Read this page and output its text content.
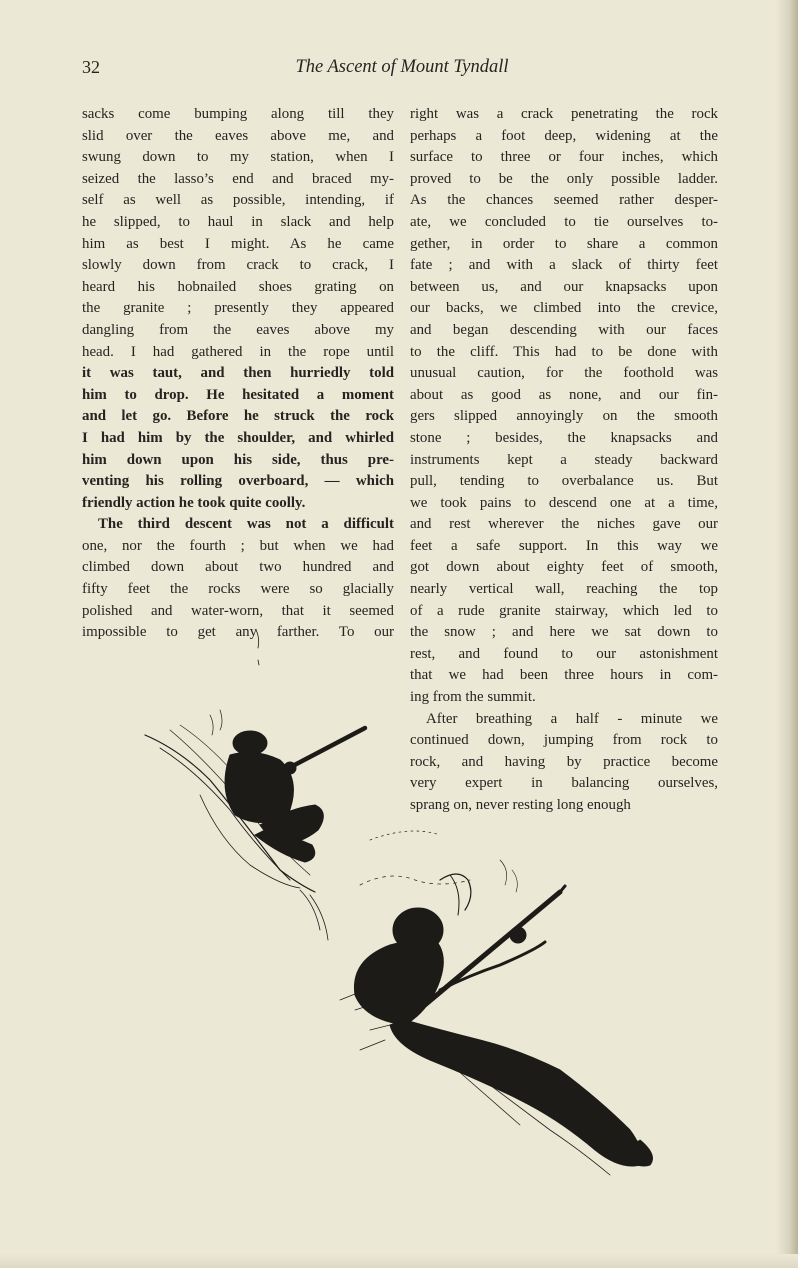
32	The Ascent of Mount Tyndall
sacks come bumping along till they
slid over the eaves above me, and
swung down to my station, when I
seized the lasso’s end and braced my-
self as well as possible, intending, if
he slipped, to haul in slack and help
him as best I might. As he came
slowly down from crack to crack, I
heard his hobnailed shoes grating on
the granite ; presently they appeared
dangling from the eaves above my
head. I had gathered in the rope until
it was taut, and then hurriedly told
him to drop. He hesitated a moment
and let go. Before he struck the rock
I had him by the shoulder, and whirled
him down upon his side, thus pre-
venting his rolling overboard, — which
friendly action he took quite coolly.
The third descent was not a difficult
one, nor the fourth ; but when we had
climbed down about two hundred and
fifty feet the rocks were so glacially
polished and water-worn, that it seemed
impossible to get any farther. To our
right was a crack penetrating the rock
perhaps a foot deep, widening at the
surface to three or four inches, which
proved to be the only possible ladder.
As the chances seemed rather desper-
ate, we concluded to tie ourselves to-
gether, in order to share a common
fate ; and with a slack of thirty feet
between us, and our knapsacks upon
our backs, we climbed into the crevice,
and began descending with our faces
to the cliff. This had to be done with
unusual caution, for the foothold was
about as good as none, and our fin-
gers slipped annoyingly on the smooth
stone ; besides, the knapsacks and
instruments kept a steady backward
pull, tending to overbalance us. But
we took pains to descend one at a time,
and rest wherever the niches gave our
feet a safe support. In this way we
got down about eighty feet of smooth,
nearly vertical wall, reaching the top
of a rude granite stairway, which led to
the snow ; and here we sat down to
rest, and found to our astonishment
that we had been three hours in com-
ing from the summit.
After breathing a half - minute we
continued down, jumping from rock to
rock, and having by practice become
very expert in balancing ourselves,
sprang on, never resting long enough
